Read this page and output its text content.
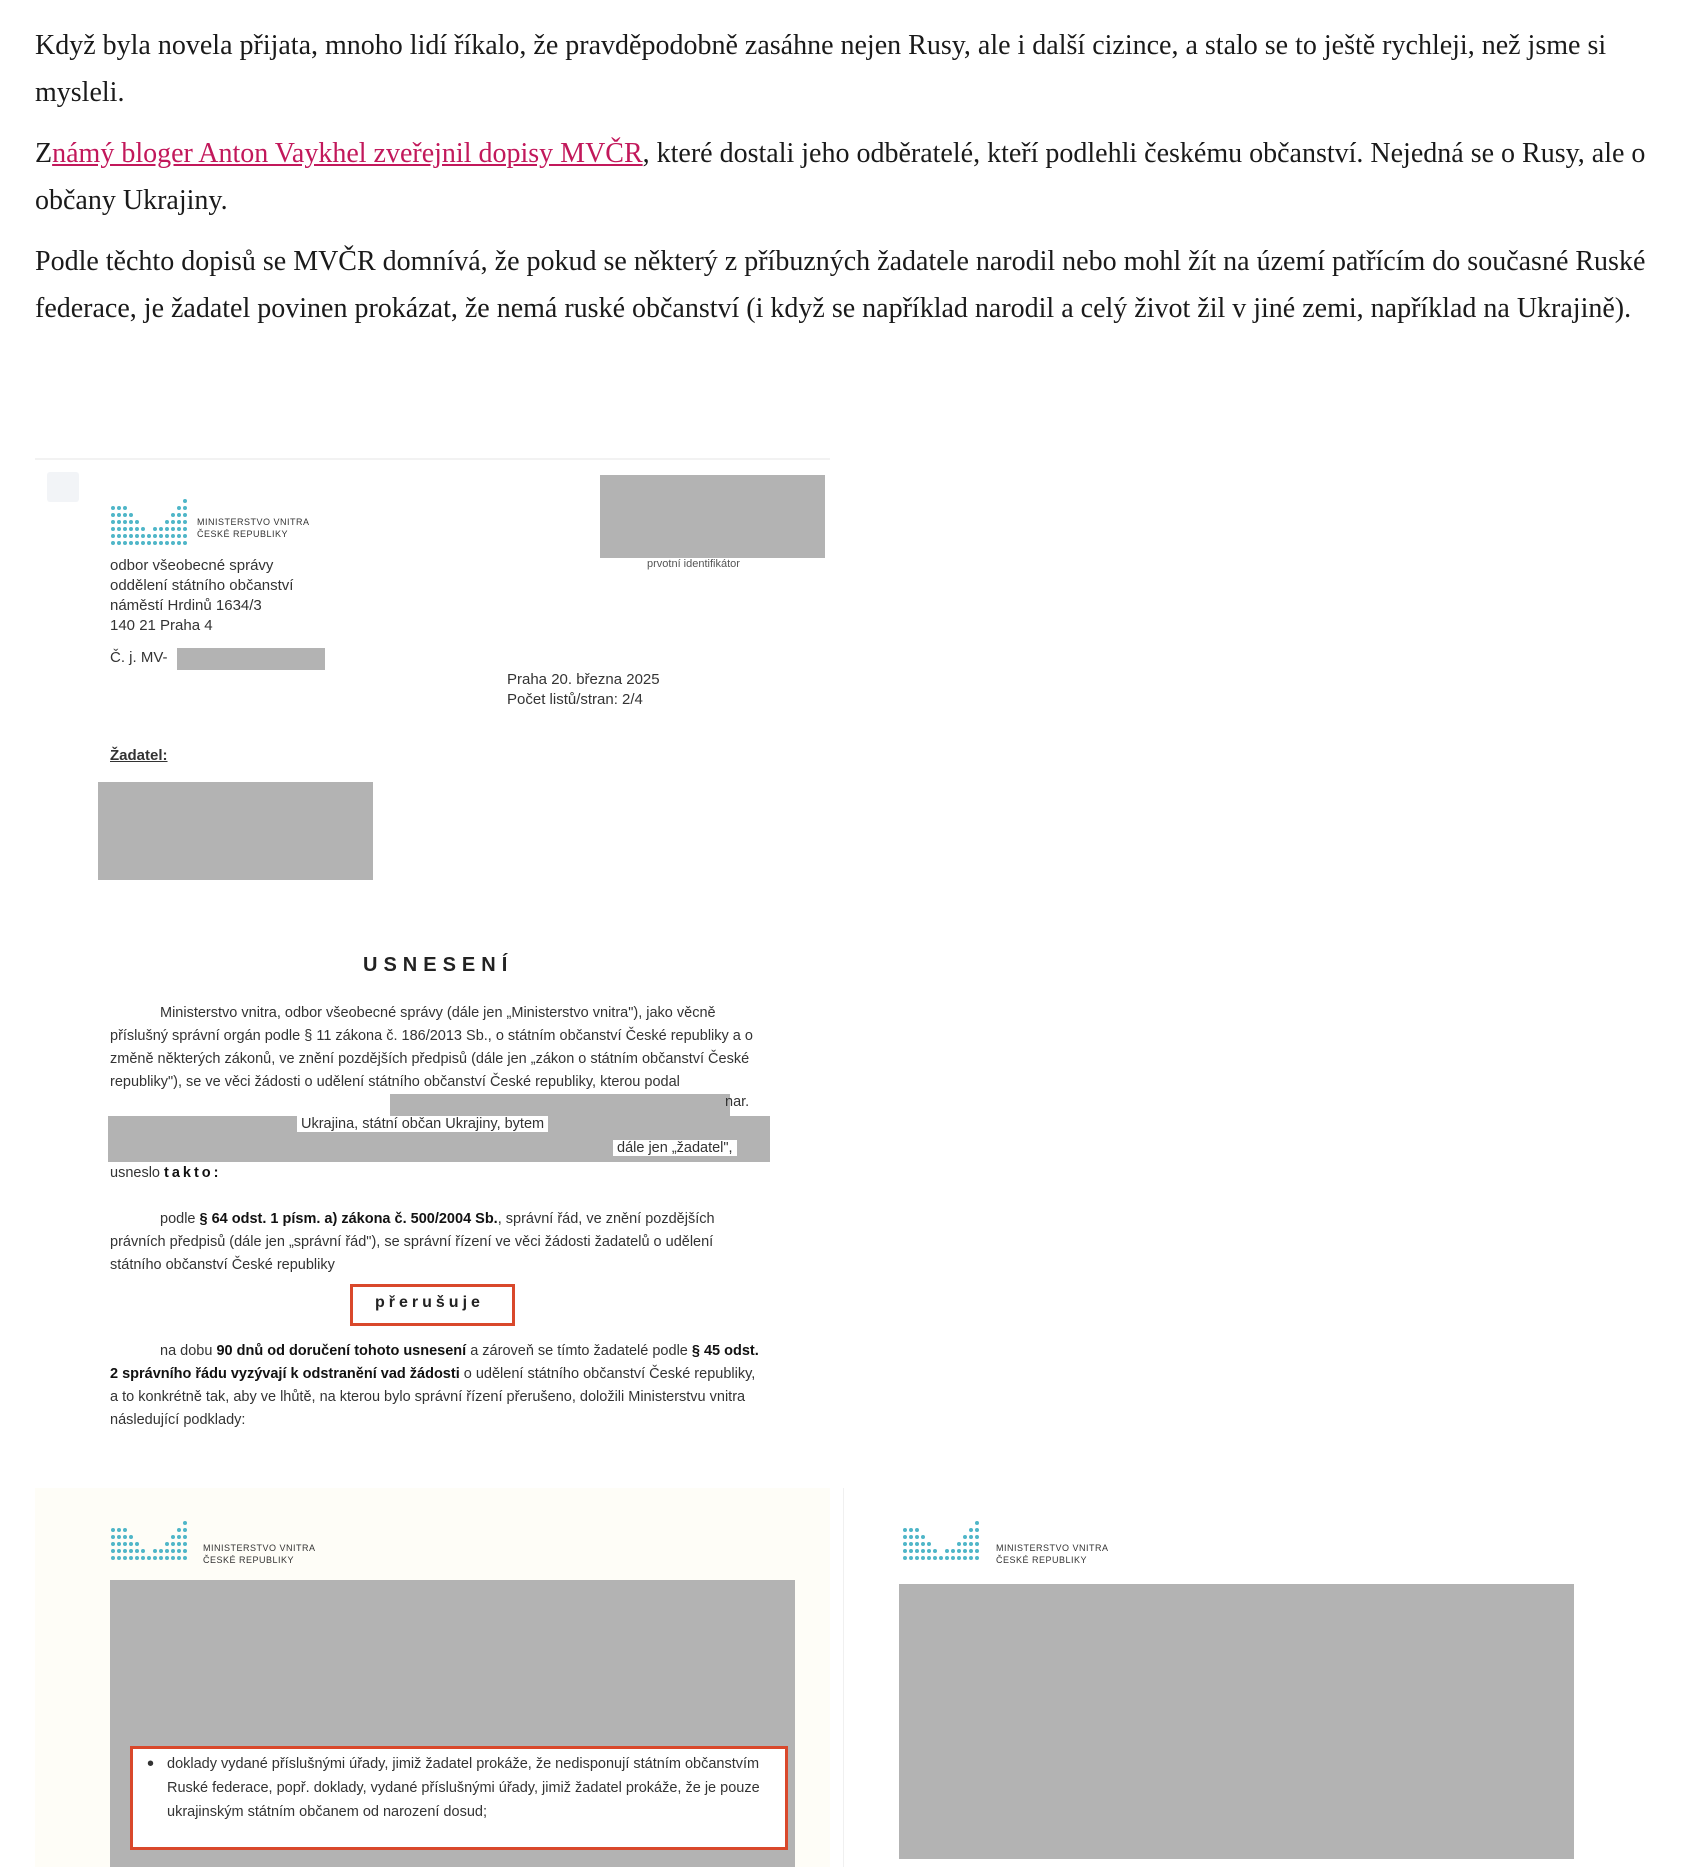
Když byla novela přijata, mnoho lidí říkalo, že pravděpodobně zasáhne nejen Rusy, ale i další cizince, a stalo se to ještě rychleji, než jsme si mysleli.

Známý bloger Anton Vaykhel zveřejnil dopisy MVČR, které dostali jeho odběratelé, kteří podlehli českému občanství. Nejedná se o Rusy, ale o občany Ukrajiny.

Podle těchto dopisů se MVČR domnívá, že pokud se některý z příbuzných žadatele narodil nebo mohl žít na území patřícím do současné Ruské federace, je žadatel povinen prokázat, že nemá ruské občanství (i když se například narodil a celý život žil v jiné zemi, například na Ukrajině).

MINISTERSTVO VNITRA
ČESKÉ REPUBLIKY
odbor všeobecné správy
oddělení státního občanství
náměstí Hrdinů 1634/3
140 21 Praha 4
Č. j. MV-
prvotní identifikátor
Praha 20. března 2025
Počet listů/stran: 2/4
Žadatel:
USNESENÍ
Ministerstvo vnitra, odbor všeobecné správy (dále jen „Ministerstvo vnitra"), jako věcně příslušný správní orgán podle § 11 zákona č. 186/2013 Sb., o státním občanství České republiky a o změně některých zákonů, ve znění pozdějších předpisů (dále jen „zákon o státním občanství České republiky"), se ve věci žádosti o udělení státního občanství České republiky, kterou podal
nar.
Ukrajina, státní občan Ukrajiny, bytem
dále jen „žadatel",
usneslo takto:
podle § 64 odst. 1 písm. a) zákona č. 500/2004 Sb., správní řád, ve znění pozdějších právních předpisů (dále jen „správní řád"), se správní řízení ve věci žádosti žadatelů o udělení státního občanství České republiky
přerušuje
na dobu 90 dnů od doručení tohoto usnesení a zároveň se tímto žadatelé podle § 45 odst. 2 správního řádu vyzývají k odstranění vad žádosti o udělení státního občanství České republiky, a to konkrétně tak, aby ve lhůtě, na kterou bylo správní řízení přerušeno, doložili Ministerstvu vnitra následující podklady:
MINISTERSTVO VNITRA
ČESKÉ REPUBLIKY
• doklady vydané příslušnými úřady, jimiž žadatel prokáže, že nedisponují státním občanstvím Ruské federace, popř. doklady, vydané příslušnými úřady, jimiž žadatel prokáže, že je pouze ukrajinským státním občanem od narození dosud;
MINISTERSTVO VNITRA
ČESKÉ REPUBLIKY
